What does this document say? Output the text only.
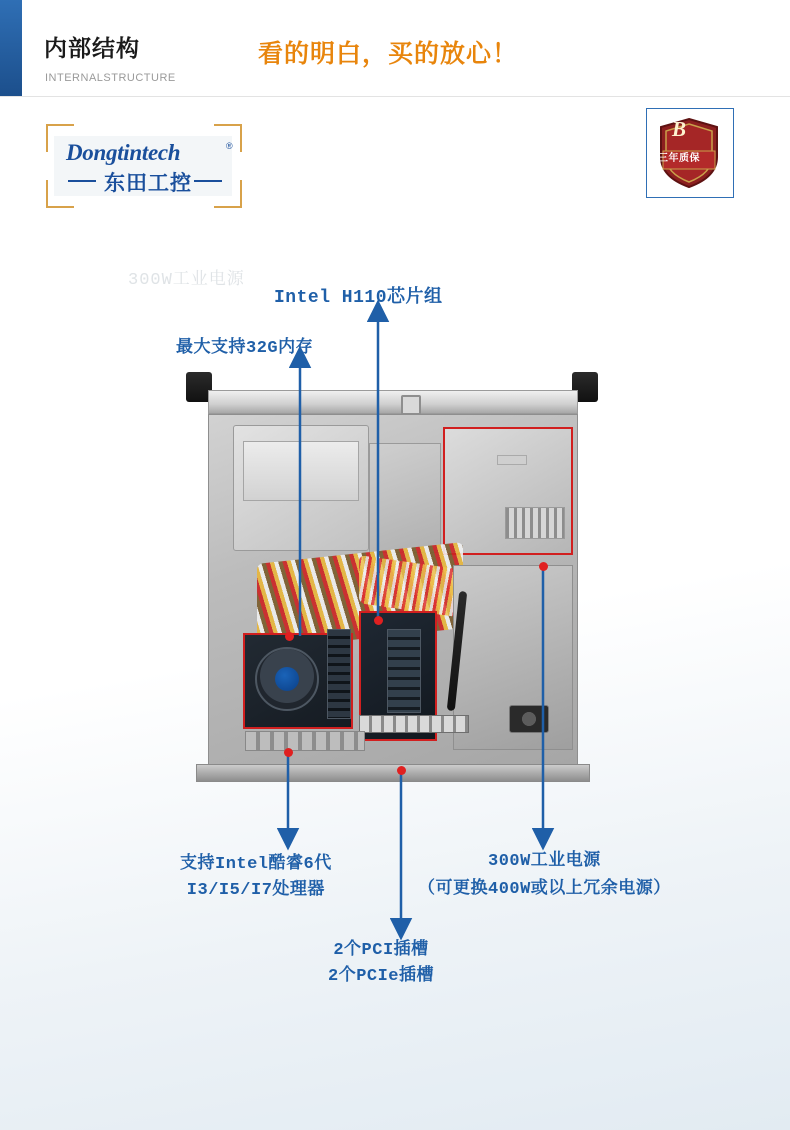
内部结构
INTERNALSTRUCTURE
看的明白，买的放心！
Dongtintech	®
东田工控
B
三年质保
300W工业电源
Intel H110芯片组
最大支持32G内存
支持Intel酷睿6代
I3/I5/I7处理器
2个PCI插槽
2个PCIe插槽
300W工业电源
（可更换400W或以上冗余电源）
